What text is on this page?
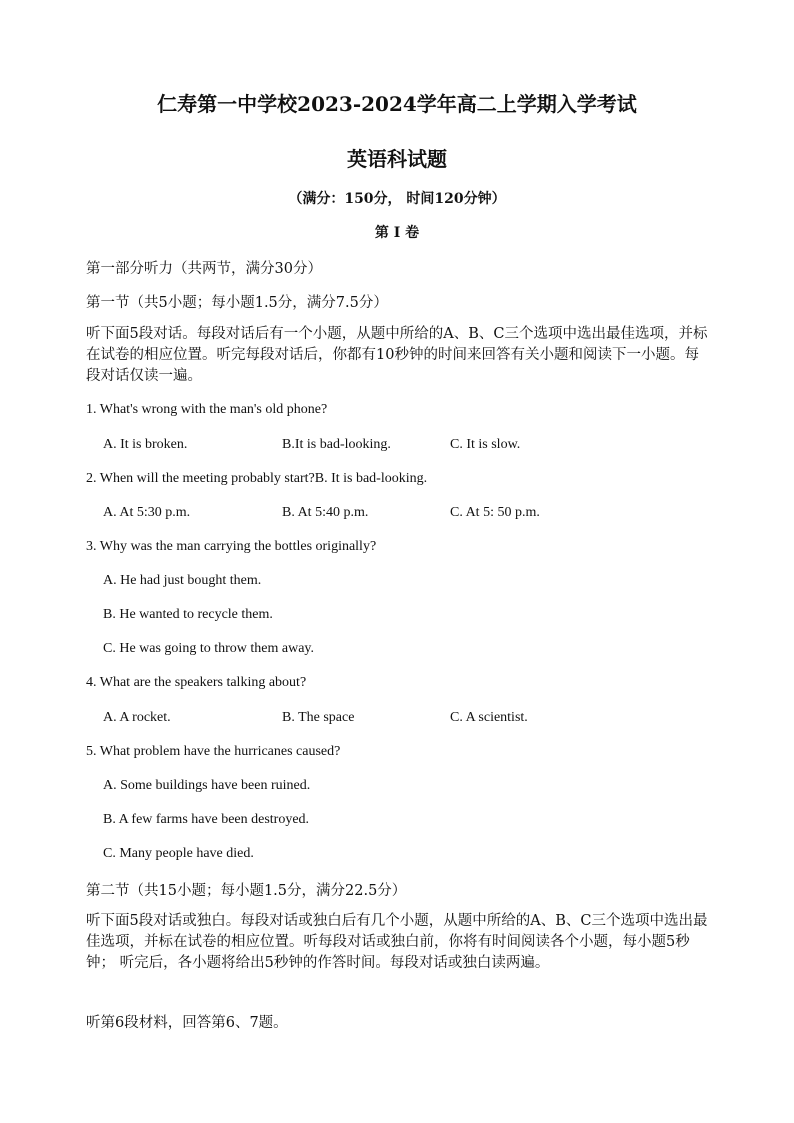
仁寿第一中学校2023-2024学年高二上学期入学考试
英语科试题
（满分：150分， 时间120分钟）
第 I 卷
第一部分听力（共两节，满分30分）
第一节（共5小题；每小题1.5分，满分7.5分）
听下面5段对话。每段对话后有一个小题，从题中所给的A、B、C三个选项中选出最佳选项，并标在试卷的相应位置。听完每段对话后，你都有10秒钟的时间来回答有关小题和阅读下一小题。每段对话仅读一遍。
1. What's wrong with the man's old phone?
A. It is broken.	B.It is bad-looking.	C. It is slow.
2. When will the meeting probably start?B. It is bad-looking.
A. At 5:30 p.m.	B. At 5:40 p.m.	C. At 5: 50 p.m.
3. Why was the man carrying the bottles originally?
A. He had just bought them.
B. He wanted to recycle them.
C. He was going to throw them away.
4. What are the speakers talking about?
A. A rocket.	B. The space	C. A scientist.
5. What problem have the hurricanes caused?
A. Some buildings have been ruined.
B. A few farms have been destroyed.
C. Many people have died.
第二节（共15小题；每小题1.5分，满分22.5分）
听下面5段对话或独白。每段对话或独白后有几个小题，从题中所给的A、B、C三个选项中选出最佳选项，并标在试卷的相应位置。听每段对话或独白前，你将有时间阅读各个小题，每小题5秒钟； 听完后，各小题将给出5秒钟的作答时间。每段对话或独白读两遍。
听第6段材料，回答第6、7题。
